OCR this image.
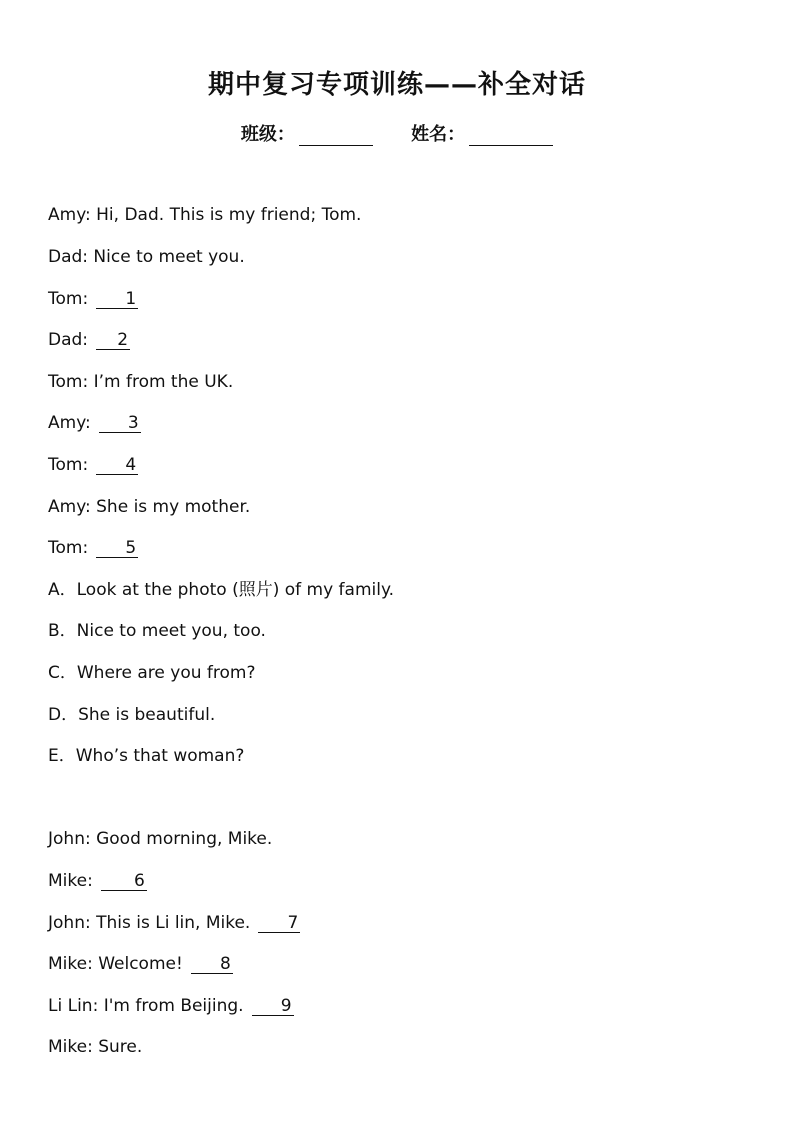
期中复习专项训练——补全对话
班级：	姓名：
Amy: Hi, Dad. This is my friend; Tom.
Dad: Nice to meet you.
Tom: 1
Dad: 2
Tom: I’m from the UK.
Amy: 3
Tom: 4
Amy: She is my mother.
Tom: 5
A．Look at the photo (照片) of my family.
B．Nice to meet you, too.
C．Where are you from?
D．She is beautiful.
E．Who’s that woman?
John: Good morning, Mike.
Mike: 6
John: This is Li lin, Mike. 7
Mike: Welcome! 8
Li Lin: I'm from Beijing. 9
Mike: Sure.
